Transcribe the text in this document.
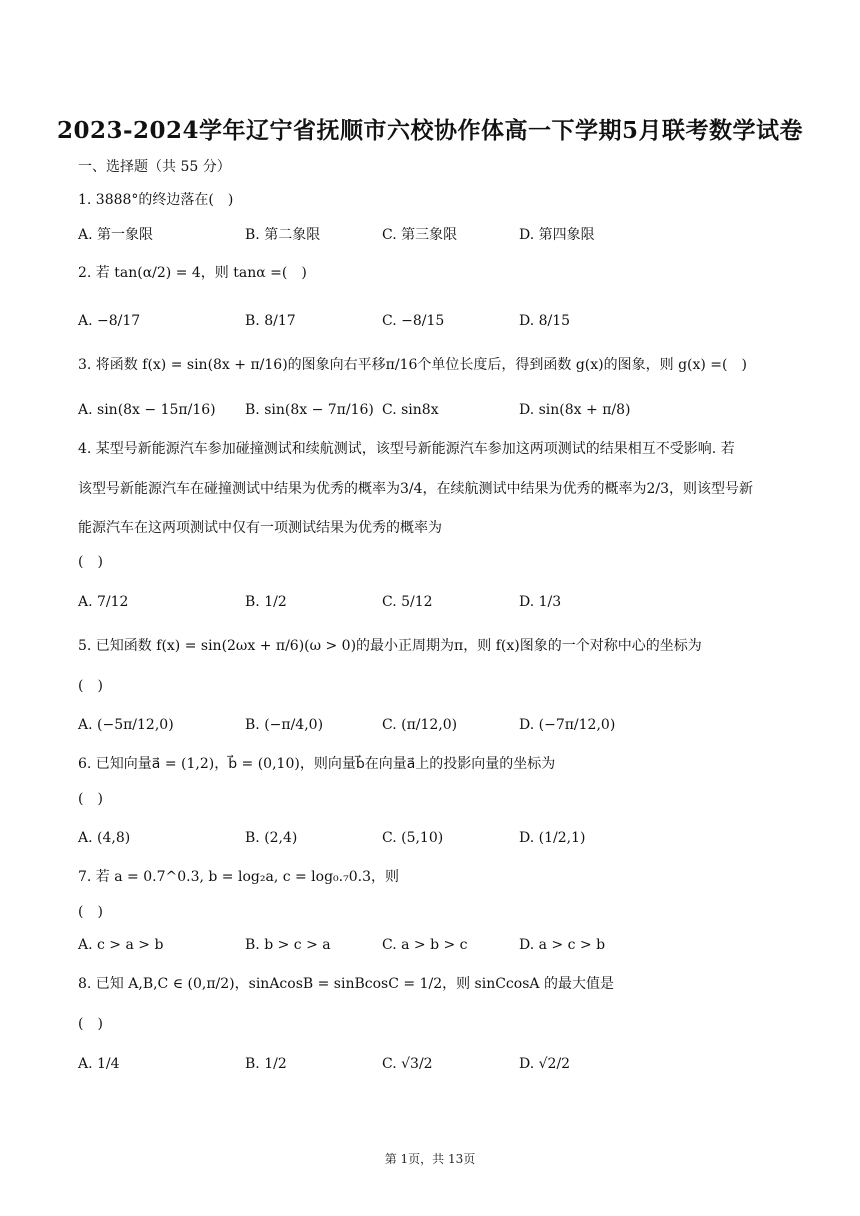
2023-2024学年辽宁省抚顺市六校协作体高一下学期5月联考数学试卷
一、选择题（共 55 分）
1. 3888°的终边落在(　)
A. 第一象限	B. 第二象限	C. 第三象限	D. 第四象限
2. 若 tan(α/2) = 4，则 tanα =(　)
A. −8/17	B. 8/17	C. −8/15	D. 8/15
3. 将函数 f(x) = sin(8x + π/16)的图象向右平移π/16个单位长度后，得到函数 g(x)的图象，则 g(x) =(　)
A. sin(8x − 15π/16) B. sin(8x − 7π/16) C. sin8x	D. sin(8x + π/8)
4. 某型号新能源汽车参加碰撞测试和续航测试，该型号新能源汽车参加这两项测试的结果相互不受影响. 若
该型号新能源汽车在碰撞测试中结果为优秀的概率为3/4，在续航测试中结果为优秀的概率为2/3，则该型号新
能源汽车在这两项测试中仅有一项测试结果为优秀的概率为
(　)
A. 7/12	B. 1/2	C. 5/12	D. 1/3
5. 已知函数 f(x) = sin(2ωx + π/6)(ω > 0)的最小正周期为π，则 f(x)图象的一个对称中心的坐标为
(　)
A. (−5π/12,0)	B. (−π/4,0)	C. (π/12,0)	D. (−7π/12,0)
6. 已知向量a⃗ = (1,2)，b⃗ = (0,10)，则向量b⃗在向量a⃗上的投影向量的坐标为
(　)
A. (4,8)	B. (2,4)	C. (5,10)	D. (1/2,1)
7. 若 a = 0.7^0.3, b = log₂a, c = log₀.₇0.3，则
(　)
A. c > a > b	B. b > c > a	C. a > b > c	D. a > c > b
8. 已知 A,B,C ∈ (0,π/2)，sinAcosB = sinBcosC = 1/2，则 sinCcosA 的最大值是
(　)
A. 1/4	B. 1/2	C. √3/2	D. √2/2
第 1页，共 13页
